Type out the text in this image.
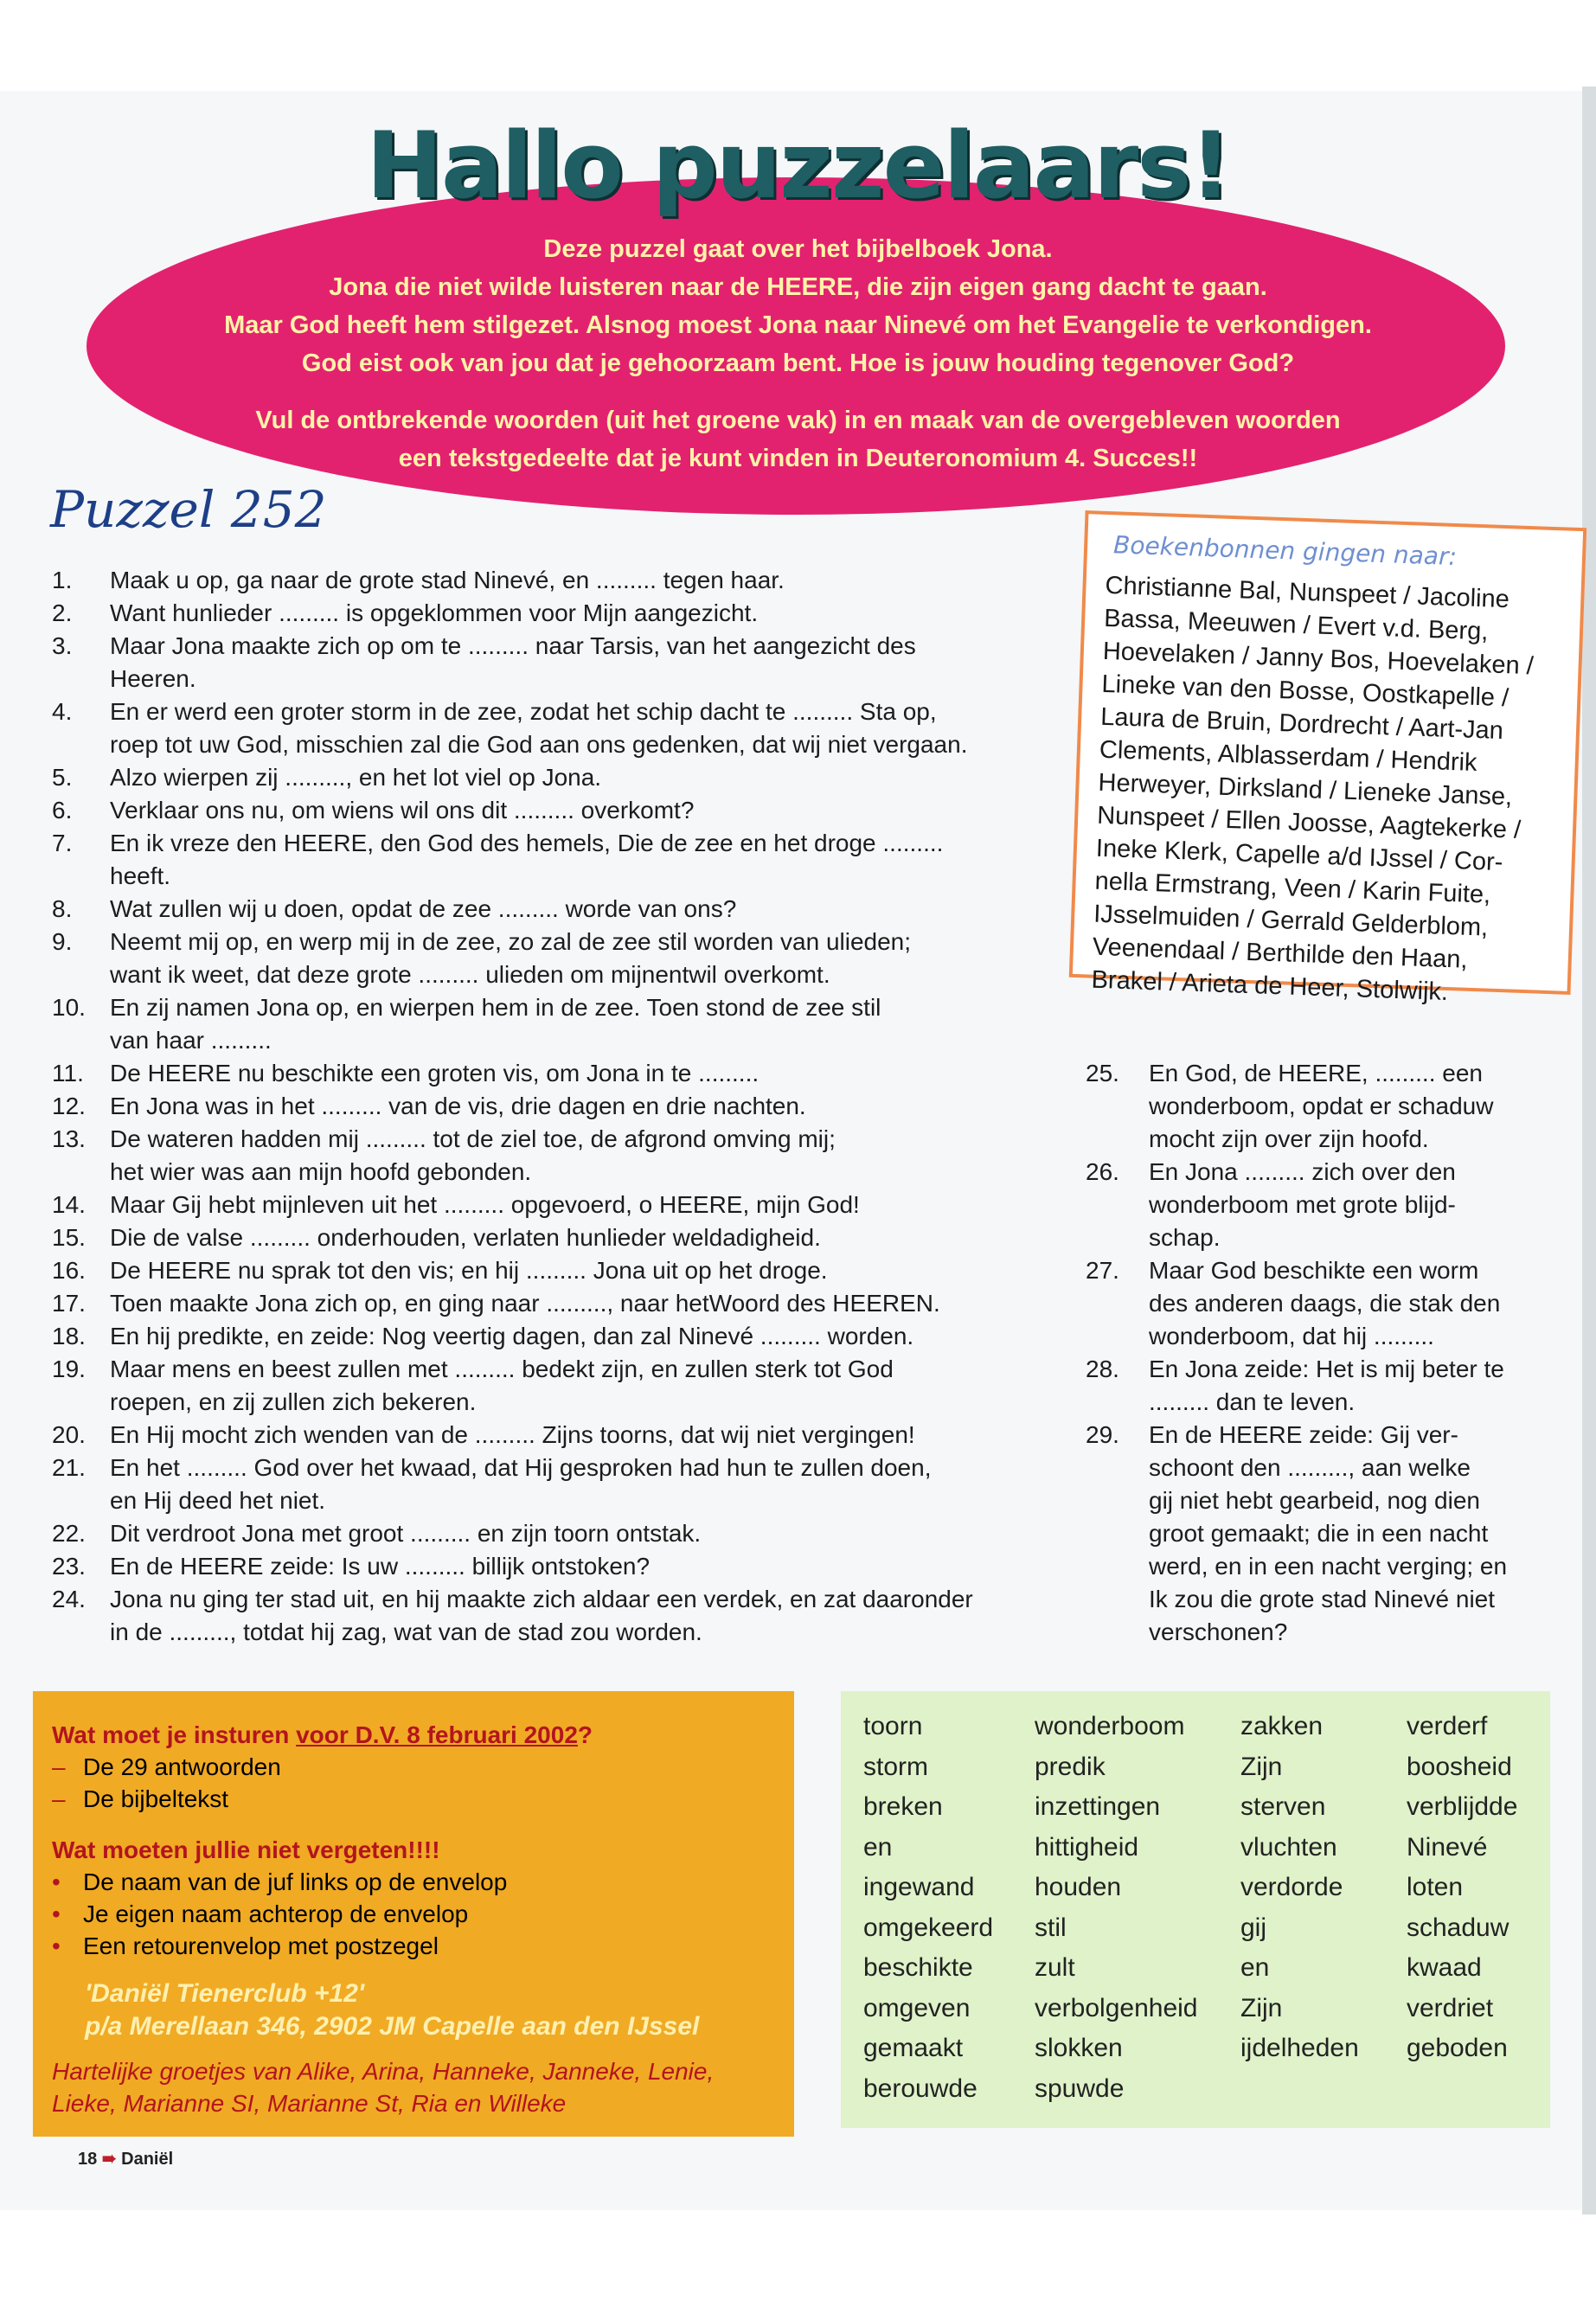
Hallo puzzelaars!

Deze puzzel gaat over het bijbelboek Jona.

Jona die niet wilde luisteren naar de HEERE, die zijn eigen gang dacht te gaan.

Maar God heeft hem stilgezet. Alsnog moest Jona naar Ninevé om het Evangelie te verkondigen.

God eist ook van jou dat je gehoorzaam bent. Hoe is jouw houding tegenover God?

Vul de ontbrekende woorden (uit het groene vak) in en maak van de overgebleven woorden

een tekstgedeelte dat je kunt vinden in Deuteronomium 4. Succes!!

Puzzel 252
Boekenbonnen gingen naar:
Christianne Bal, Nunspeet / Jacoline
Bassa, Meeuwen / Evert v.d. Berg,
Hoevelaken / Janny Bos, Hoevelaken /
Lineke van den Bosse, Oostkapelle /
Laura de Bruin, Dordrecht / Aart-Jan
Clements, Alblasserdam / Hendrik
Herweyer, Dirksland / Lieneke Janse,
Nunspeet / Ellen Joosse, Aagtekerke /
Ineke Klerk, Capelle a/d IJssel / Cor-
nella Ermstrang, Veen / Karin Fuite,
IJsselmuiden / Gerrald Gelderblom,
Veenendaal / Berthilde den Haan,
Brakel / Arieta de Heer, Stolwijk.
1.	Maak u op, ga naar de grote stad Ninevé, en ......... tegen haar.
2.	Want hunlieder ......... is opgeklommen voor Mijn aangezicht.
3.	Maar Jona maakte zich op om te ......... naar Tarsis, van het aangezicht des
Heeren.
4.	En er werd een groter storm in de zee, zodat het schip dacht te ......... Sta op,
roep tot uw God, misschien zal die God aan ons gedenken, dat wij niet vergaan.
5.	Alzo wierpen zij ........., en het lot viel op Jona.
6.	Verklaar ons nu, om wiens wil ons dit ......... overkomt?
7.	En ik vreze den HEERE, den God des hemels, Die de zee en het droge .........
heeft.
8.	Wat zullen wij u doen, opdat de zee ......... worde van ons?
9.	Neemt mij op, en werp mij in de zee, zo zal de zee stil worden van ulieden;
want ik weet, dat deze grote ......... ulieden om mijnentwil overkomt.
10.	En zij namen Jona op, en wierpen hem in de zee. Toen stond de zee stil
van haar .........
11.	De HEERE nu beschikte een groten vis, om Jona in te .........
12.	En Jona was in het ......... van de vis, drie dagen en drie nachten.
13.	De wateren hadden mij ......... tot de ziel toe, de afgrond omving mij;
het wier was aan mijn hoofd gebonden.
14.	Maar Gij hebt mijnleven uit het ......... opgevoerd, o HEERE, mijn God!
15.	Die de valse ......... onderhouden, verlaten hunlieder weldadigheid.
16.	De HEERE nu sprak tot den vis; en hij ......... Jona uit op het droge.
17.	Toen maakte Jona zich op, en ging naar ........., naar hetWoord des HEEREN.
18.	En hij predikte, en zeide: Nog veertig dagen, dan zal Ninevé ......... worden.
19.	Maar mens en beest zullen met ......... bedekt zijn, en zullen sterk tot God
roepen, en zij zullen zich bekeren.
20.	En Hij mocht zich wenden van de ......... Zijns toorns, dat wij niet vergingen!
21.	En het ......... God over het kwaad, dat Hij gesproken had hun te zullen doen,
en Hij deed het niet.
22.	Dit verdroot Jona met groot ......... en zijn toorn ontstak.
23.	En de HEERE zeide: Is uw ......... billijk ontstoken?
24.	Jona nu ging ter stad uit, en hij maakte zich aldaar een verdek, en zat daaronder
in de ........., totdat hij zag, wat van de stad zou worden.
25.	En God, de HEERE, ......... een
wonderboom, opdat er schaduw
mocht zijn over zijn hoofd.
26.	En Jona ......... zich over den
wonderboom met grote blijd-
schap.
27.	Maar God beschikte een worm
des anderen daags, die stak den
wonderboom, dat hij .........
28.	En Jona zeide: Het is mij beter te
......... dan te leven.
29.	En de HEERE zeide: Gij ver-
schoont den ........., aan welke
gij niet hebt gearbeid, nog dien
groot gemaakt; die in een nacht
werd, en in een nacht verging; en
Ik zou die grote stad Ninevé niet
verschonen?
Wat moet je insturen voor D.V. 8 februari 2002?
– De 29 antwoorden
– De bijbeltekst
Wat moeten jullie niet vergeten!!!!
• De naam van de juf links op de envelop
• Je eigen naam achterop de envelop
• Een retourenvelop met postzegel
'Daniël Tienerclub +12'
p/a Merellaan 346, 2902 JM Capelle aan den IJssel
Hartelijke groetjes van Alike, Arina, Hanneke, Janneke, Lenie,
Lieke, Marianne SI, Marianne St, Ria en Willeke
toorn	wonderboom	zakken	verderf
storm	predik	Zijn	boosheid
breken	inzettingen	sterven	verblijdde
en	hittigheid	vluchten	Ninevé
ingewand	houden	verdorde	loten
omgekeerd	stil	gij	schaduw
beschikte	zult	en	kwaad
omgeven	verbolgenheid	Zijn	verdriet
gemaakt	slokken	ijdelheden	geboden
berouwde	spuwde
18 ➠ Daniël
